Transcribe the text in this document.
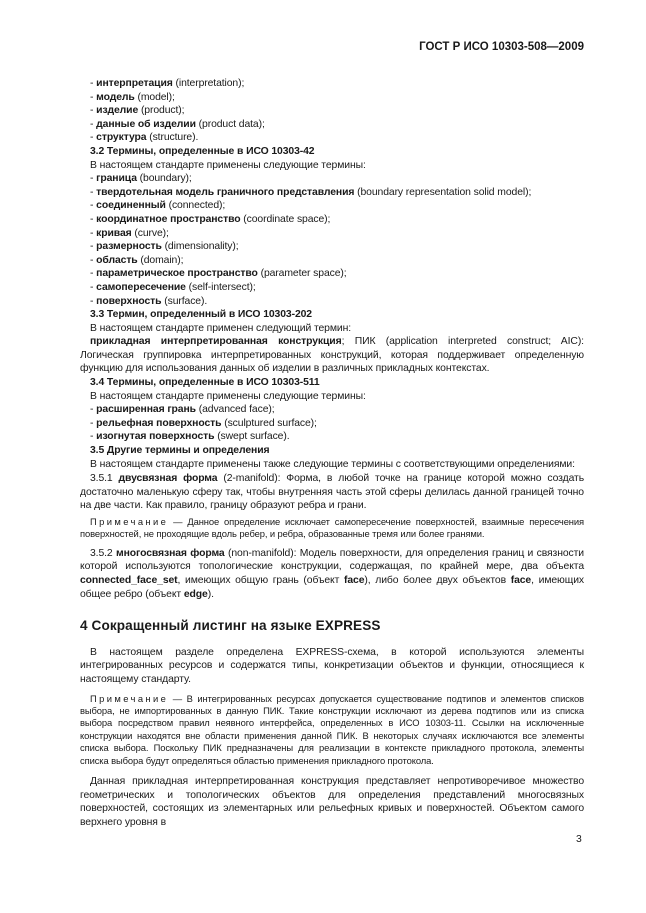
ГОСТ Р ИСО 10303-508—2009
- интерпретация (interpretation);
- модель (model);
- изделие (product);
- данные об изделии (product data);
- структура (structure).
3.2 Термины, определенные в ИСО 10303-42
В настоящем стандарте применены следующие термины:
- граница (boundary);
- твердотельная модель граничного представления (boundary representation solid model);
- соединенный (connected);
- координатное пространство (coordinate space);
- кривая (curve);
- размерность (dimensionality);
- область (domain);
- параметрическое пространство (parameter space);
- самопересечение (self-intersect);
- поверхность (surface).
3.3 Термин, определенный в ИСО 10303-202
В настоящем стандарте применен следующий термин:
прикладная интерпретированная конструкция; ПИК (application interpreted construct; AIC): Логическая группировка интерпретированных конструкций, которая поддерживает определенную функцию для использования данных об изделии в различных прикладных контекстах.
3.4 Термины, определенные в ИСО 10303-511
В настоящем стандарте применены следующие термины:
- расширенная грань (advanced face);
- рельефная поверхность (sculptured surface);
- изогнутая поверхность (swept surface).
3.5 Другие термины и определения
В настоящем стандарте применены также следующие термины с соответствующими определениями:
3.5.1 двусвязная форма (2-manifold): Форма, в любой точке на границе которой можно создать достаточно маленькую сферу так, чтобы внутренняя часть этой сферы делилась данной границей точно на две части. Как правило, границу образуют ребра и грани.
Примечание — Данное определение исключает самопересечение поверхностей, взаимные пересечения поверхностей, не проходящие вдоль ребер, и ребра, образованные тремя или более гранями.
3.5.2 многосвязная форма (non-manifold): Модель поверхности, для определения границ и связности которой используются топологические конструкции, содержащая, по крайней мере, два объекта connected_face_set, имеющих общую грань (объект face), либо более двух объектов face, имеющих общее ребро (объект edge).
4 Сокращенный листинг на языке EXPRESS
В настоящем разделе определена EXPRESS-схема, в которой используются элементы интегрированных ресурсов и содержатся типы, конкретизации объектов и функции, относящиеся к настоящему стандарту.
Примечание — В интегрированных ресурсах допускается существование подтипов и элементов списков выбора, не импортированных в данную ПИК. Такие конструкции исключают из дерева подтипов или из списка выбора посредством правил неявного интерфейса, определенных в ИСО 10303-11. Ссылки на исключенные конструкции находятся вне области применения данной ПИК. В некоторых случаях исключаются все элементы списка выбора. Поскольку ПИК предназначены для реализации в контексте прикладного протокола, элементы списка выбора будут определяться областью применения прикладного протокола.
Данная прикладная интерпретированная конструкция представляет непротиворечивое множество геометрических и топологических объектов для определения представлений многосвязных поверхностей, состоящих из элементарных или рельефных кривых и поверхностей. Объектом самого верхнего уровня в
3
